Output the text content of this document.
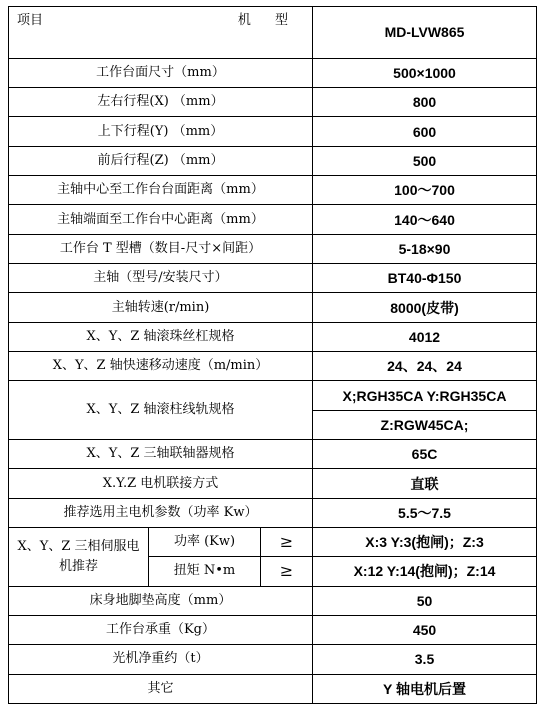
项目 机 型			MD-LVW865
工作台面尺寸（mm）			500×1000
左右行程(X) （mm）			800
上下行程(Y) （mm）			600
前后行程(Z) （mm）			500
主轴中心至工作台台面距离（mm）			100～700
主轴端面至工作台中心距离（mm）			140～640
工作台 T 型槽（数目-尺寸×间距）			5-18×90
主轴（型号/安装尺寸）			BT40-Φ150
主轴转速(r/min)			8000(皮带)
X、Y、Z 轴滚珠丝杠规格			4012
X、Y、Z 轴快速移动速度（m/min）			24、24、24
X、Y、Z 轴滚柱线轨规格			X;RGH35CA Y:RGH35CA
			Z:RGW45CA;
X、Y、Z 三轴联轴器规格			65C
X.Y.Z 电机联接方式			直联
推荐选用主电机参数（功率 Kw）			5.5～7.5
X、Y、Z 三相伺服电机推荐	功率 (Kw)	≥	X:3 Y:3(抱闸)；Z:3
	扭矩 N•m	≥	X:12 Y:14(抱闸)；Z:14
床身地脚垫高度（mm）			50
工作台承重（Kg）			450
光机净重约（t）			3.5
其它			Y 轴电机后置
